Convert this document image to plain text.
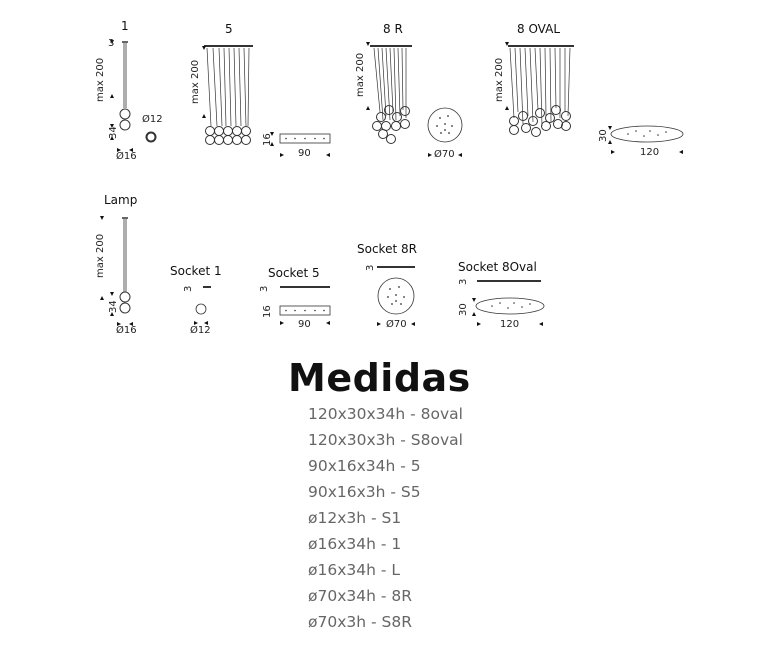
1	5	8 R	8 OVAL
3
max 200
34
Ø12
Ø16
max 200
16
90
max 200
Ø70
max 200
30
120
Lamp
Socket 1	Socket 5
Socket 8R
Socket 8Oval
max 200
34
Ø16
3
Ø12
3
16
90
3
Ø70
3
30
120
Medidas
120x30x34h - 8oval
120x30x3h - S8oval
90x16x34h - 5
90x16x3h - S5
ø12x3h - S1
ø16x34h - 1
ø16x34h - L
ø70x34h - 8R
ø70x3h - S8R
